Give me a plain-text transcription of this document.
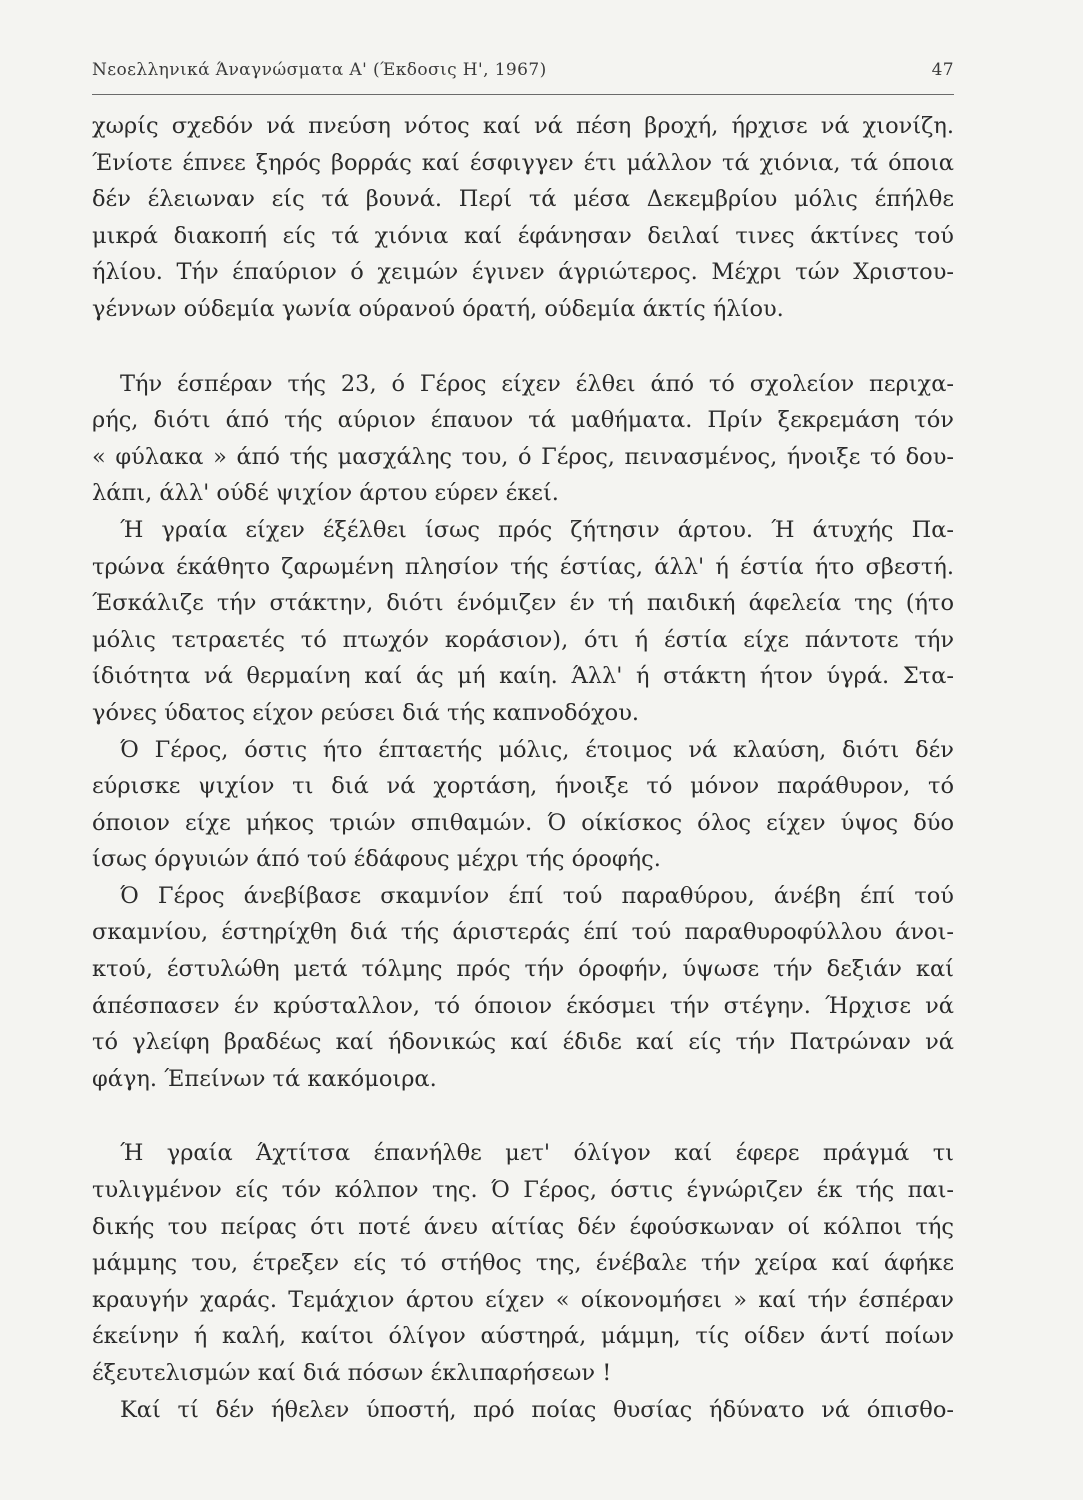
Νεοελληνικά Άναγνώσματα Α' (Έκδοσις Η', 1967)	47
χωρίς σχεδόν νά πνεύση νότος καί νά πέση βροχή, ήρχισε νά χιονίζη.
Ένίοτε έπνεε ξηρός βορράς καί έσφιγγεν έτι μάλλον τά χιόνια, τά όποια
δέν έλειωναν είς τά βουνά. Περί τά μέσα Δεκεμβρίου μόλις έπήλθε
μικρά διακοπή είς τά χιόνια καί έφάνησαν δειλαί τινες άκτίνες τού
ήλίου. Τήν έπαύριον ό χειμών έγινεν άγριώτερος. Μέχρι τών Χριστου-
γέννων ούδεμία γωνία ούρανού όρατή, ούδεμία άκτίς ήλίου.
Τήν έσπέραν τής 23, ό Γέρος είχεν έλθει άπό τό σχολείον περιχα-
ρής, διότι άπό τής αύριον έπαυον τά μαθήματα. Πρίν ξεκρεμάση τόν
« φύλακα » άπό τής μασχάλης του, ό Γέρος, πεινασμένος, ήνοιξε τό δου-
λάπι, άλλ' ούδέ ψιχίον άρτου εύρεν έκεί.
Ή γραία είχεν έξέλθει ίσως πρός ζήτησιν άρτου. Ή άτυχής Πα-
τρώνα έκάθητο ζαρωμένη πλησίον τής έστίας, άλλ' ή έστία ήτο σβεστή.
Έσκάλιζε τήν στάκτην, διότι ένόμιζεν έν τή παιδική άφελεία της (ήτο
μόλις τετραετές τό πτωχόν κοράσιον), ότι ή έστία είχε πάντοτε τήν
ίδιότητα νά θερμαίνη καί άς μή καίη. Άλλ' ή στάκτη ήτον ύγρά. Στα-
γόνες ύδατος είχον ρεύσει διά τής καπνοδόχου.
Ό Γέρος, όστις ήτο έπταετής μόλις, έτοιμος νά κλαύση, διότι δέν
εύρισκε ψιχίον τι διά νά χορτάση, ήνοιξε τό μόνον παράθυρον, τό
όποιον είχε μήκος τριών σπιθαμών. Ό οίκίσκος όλος είχεν ύψος δύο
ίσως όργυιών άπό τού έδάφους μέχρι τής όροφής.
Ό Γέρος άνεβίβασε σκαμνίον έπί τού παραθύρου, άνέβη έπί τού
σκαμνίου, έστηρίχθη διά τής άριστεράς έπί τού παραθυροφύλλου άνοι-
κτού, έστυλώθη μετά τόλμης πρός τήν όροφήν, ύψωσε τήν δεξιάν καί
άπέσπασεν έν κρύσταλλον, τό όποιον έκόσμει τήν στέγην. Ήρχισε νά
τό γλείφη βραδέως καί ήδονικώς καί έδιδε καί είς τήν Πατρώναν νά
φάγη. Έπείνων τά κακόμοιρα.
Ή γραία Άχτίτσα έπανήλθε μετ' όλίγον καί έφερε πράγμά τι
τυλιγμένον είς τόν κόλπον της. Ό Γέρος, όστις έγνώριζεν έκ τής παι-
δικής του πείρας ότι ποτέ άνευ αίτίας δέν έφούσκωναν οί κόλποι τής
μάμμης του, έτρεξεν είς τό στήθος της, ένέβαλε τήν χείρα καί άφήκε
κραυγήν χαράς. Τεμάχιον άρτου είχεν « οίκονομήσει » καί τήν έσπέραν
έκείνην ή καλή, καίτοι όλίγον αύστηρά, μάμμη, τίς οίδεν άντί ποίων
έξευτελισμών καί διά πόσων έκλιπαρήσεων !
Καί τί δέν ήθελεν ύποστή, πρό ποίας θυσίας ήδύνατο νά όπισθο-
